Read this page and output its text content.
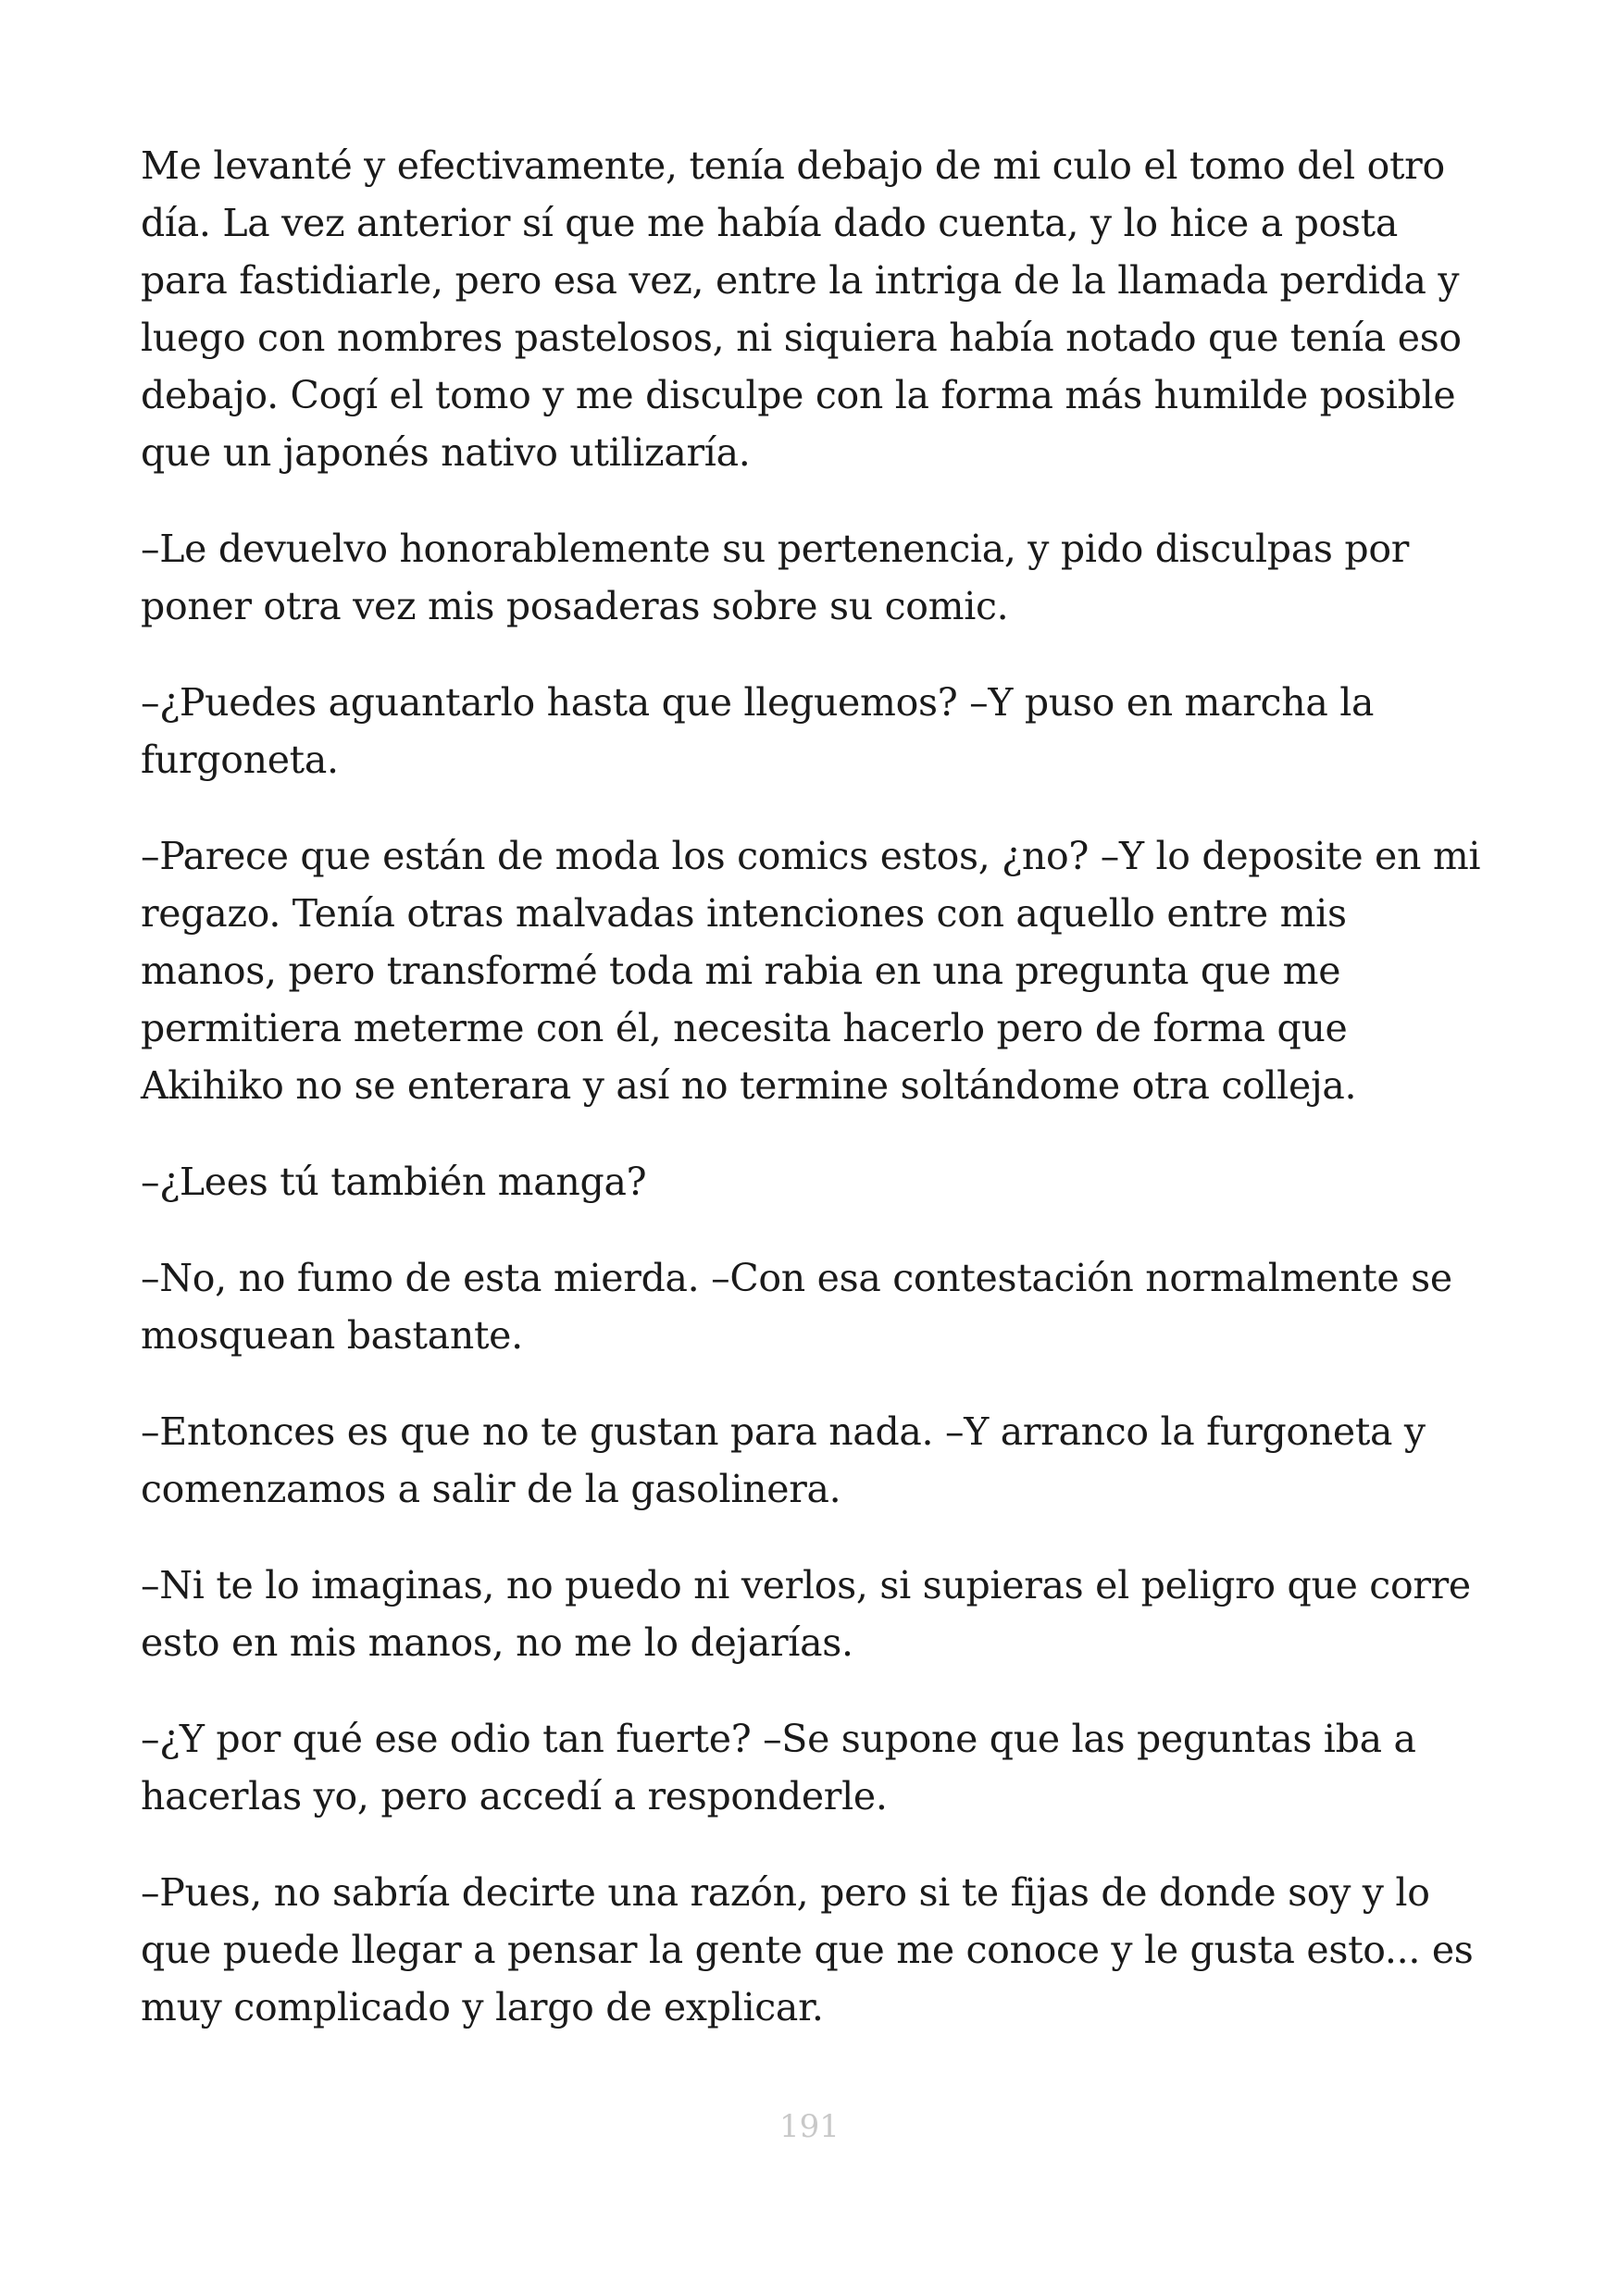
Me levanté y efectivamente, tenía debajo de mi culo el tomo del otro día. La vez anterior sí que me había dado cuenta, y lo hice a posta para fastidiarle, pero esa vez, entre la intriga de la llamada perdida y luego con nombres pastelosos, ni siquiera había notado que tenía eso debajo. Cogí el tomo y me disculpe con la forma más humilde posible que un japonés nativo utilizaría.

–Le devuelvo honorablemente su pertenencia, y pido disculpas por poner otra vez mis posaderas sobre su comic.

–¿Puedes aguantarlo hasta que lleguemos? –Y puso en marcha la furgoneta.

–Parece que están de moda los comics estos, ¿no? –Y lo deposite en mi regazo. Tenía otras malvadas intenciones con aquello entre mis manos, pero transformé toda mi rabia en una pregunta que me permitiera meterme con él, necesita hacerlo pero de forma que Akihiko no se enterara y así no termine soltándome otra colleja.

–¿Lees tú también manga?

–No, no fumo de esta mierda. –Con esa contestación normalmente se mosquean bastante.

–Entonces es que no te gustan para nada. –Y arranco la furgoneta y comenzamos a salir de la gasolinera.

–Ni te lo imaginas, no puedo ni verlos, si supieras el peligro que corre esto en mis manos, no me lo dejarías.

–¿Y por qué ese odio tan fuerte? –Se supone que las peguntas iba a hacerlas yo, pero accedí a responderle.

–Pues, no sabría decirte una razón, pero si te fijas de donde soy y lo que puede llegar a pensar la gente que me conoce y le gusta esto... es muy complicado y largo de explicar.

191
